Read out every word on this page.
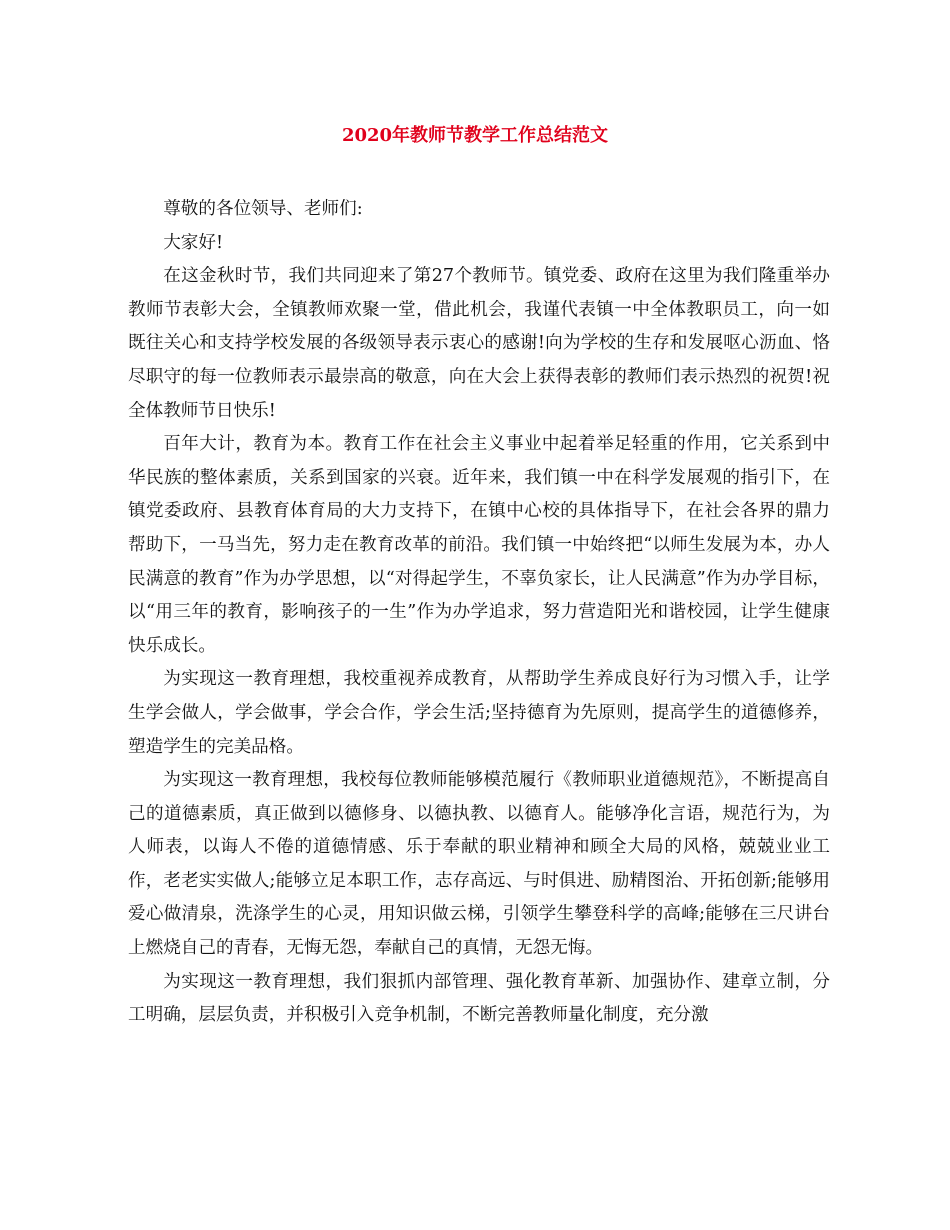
2020年教师节教学工作总结范文

尊敬的各位领导、老师们:

大家好!

在这金秋时节，我们共同迎来了第27个教师节。镇党委、政府在这里为我们隆重举办教师节表彰大会，全镇教师欢聚一堂，借此机会，我谨代表镇一中全体教职员工，向一如既往关心和支持学校发展的各级领导表示衷心的感谢!向为学校的生存和发展呕心沥血、恪尽职守的每一位教师表示最崇高的敬意，向在大会上获得表彰的教师们表示热烈的祝贺!祝全体教师节日快乐!

百年大计，教育为本。教育工作在社会主义事业中起着举足轻重的作用，它关系到中华民族的整体素质，关系到国家的兴衰。近年来，我们镇一中在科学发展观的指引下，在镇党委政府、县教育体育局的大力支持下，在镇中心校的具体指导下，在社会各界的鼎力帮助下，一马当先，努力走在教育改革的前沿。我们镇一中始终把“以师生发展为本，办人民满意的教育”作为办学思想，以“对得起学生，不辜负家长，让人民满意”作为办学目标，以“用三年的教育，影响孩子的一生”作为办学追求，努力营造阳光和谐校园，让学生健康快乐成长。

为实现这一教育理想，我校重视养成教育，从帮助学生养成良好行为习惯入手，让学生学会做人，学会做事，学会合作，学会生活;坚持德育为先原则，提高学生的道德修养，塑造学生的完美品格。

为实现这一教育理想，我校每位教师能够模范履行《教师职业道德规范》，不断提高自己的道德素质，真正做到以德修身、以德执教、以德育人。能够净化言语，规范行为，为人师表，以诲人不倦的道德情感、乐于奉献的职业精神和顾全大局的风格，兢兢业业工作，老老实实做人;能够立足本职工作，志存高远、与时俱进、励精图治、开拓创新;能够用爱心做清泉，洗涤学生的心灵，用知识做云梯，引领学生攀登科学的高峰;能够在三尺讲台上燃烧自己的青春，无悔无怨，奉献自己的真情，无怨无悔。

为实现这一教育理想，我们狠抓内部管理、强化教育革新、加强协作、建章立制，分工明确，层层负责，并积极引入竞争机制，不断完善教师量化制度，充分激
